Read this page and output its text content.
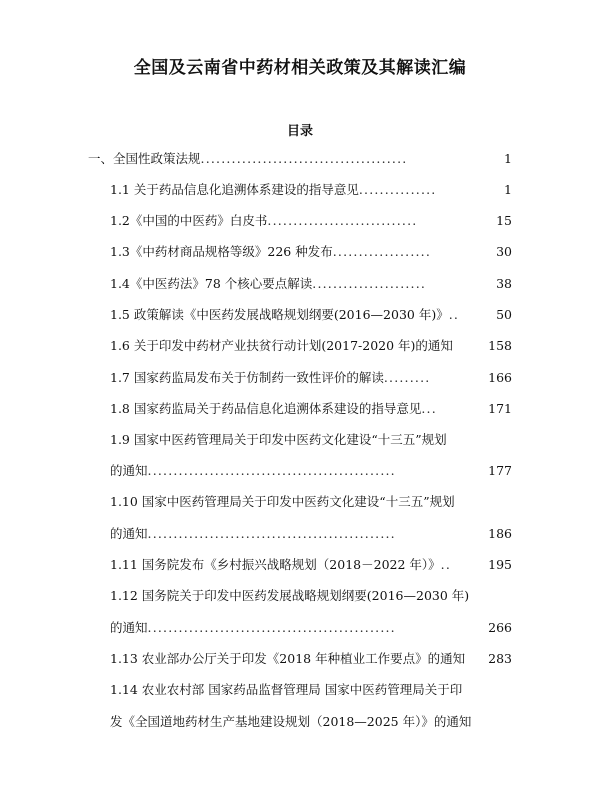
全国及云南省中药材相关政策及其解读汇编
目录
一、全国性政策法规 ........................................	1
1.1 关于药品信息化追溯体系建设的指导意见 ...............	1
1.2《中国的中医药》白皮书 .............................	15
1.3《中药材商品规格等级》226 种发布 ...................	30
1.4《中医药法》78 个核心要点解读 ......................	38
1.5 政策解读《中医药发展战略规划纲要(2016—2030 年)》 ..	50
1.6 关于印发中药材产业扶贫行动计划(2017-2020 年)的通知	158
1.7 国家药监局发布关于仿制药一致性评价的解读 .........	166
1.8 国家药监局关于药品信息化追溯体系建设的指导意见 ...	171
1.9 国家中医药管理局关于印发中医药文化建设“十三五”规划
的通知 ................................................	177
1.10 国家中医药管理局关于印发中医药文化建设“十三五”规划
的通知 ................................................	186
1.11 国务院发布《乡村振兴战略规划（2018－2022 年）》 ..	195
1.12 国务院关于印发中医药发展战略规划纲要(2016—2030 年)
的通知 ................................................	266
1.13 农业部办公厅关于印发《2018 年种植业工作要点》的通知 283
1.14 农业农村部 国家药品监督管理局 国家中医药管理局关于印
发《全国道地药材生产基地建设规划（2018—2025 年）》的通知
